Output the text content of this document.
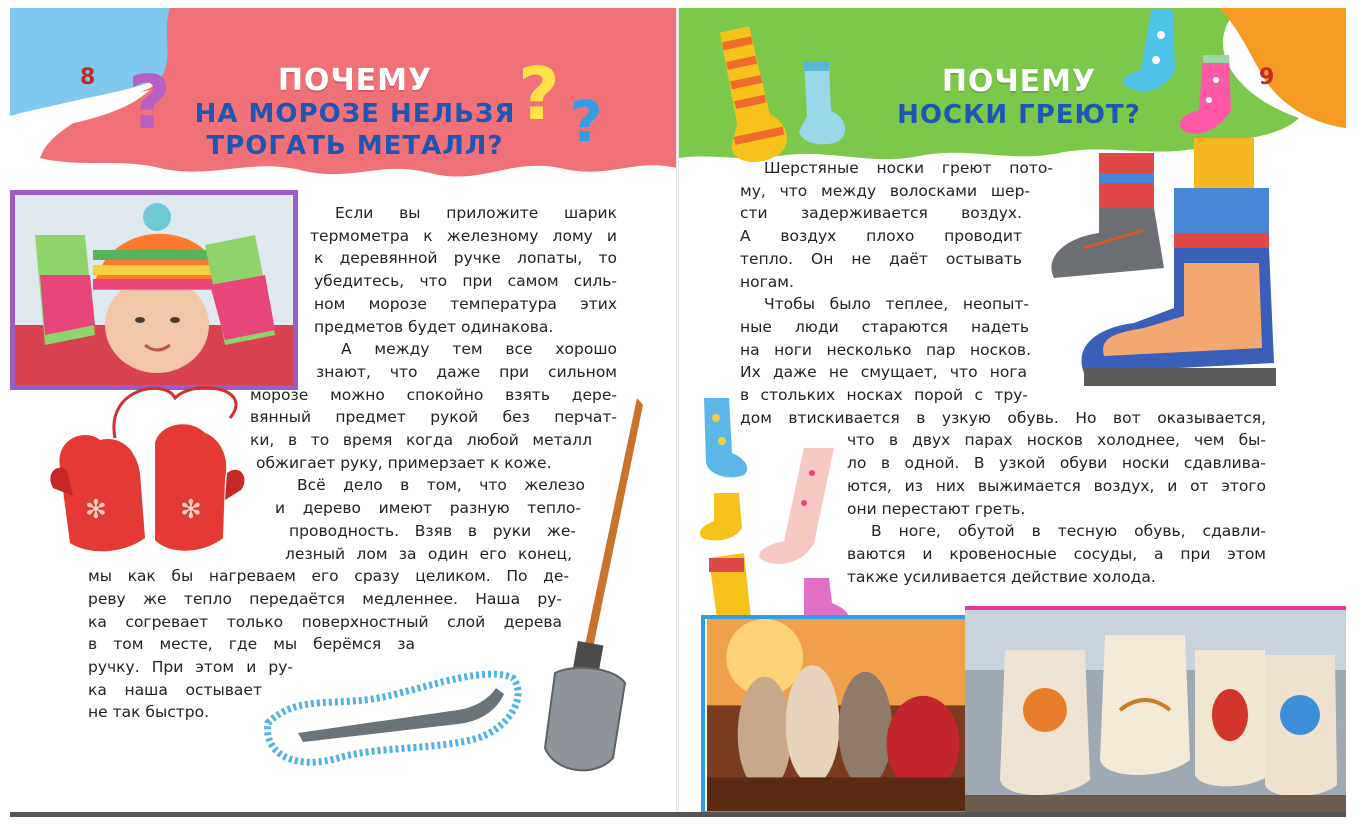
8 ?	? ?
ПОЧЕМУ
НА МОРОЗЕ НЕЛЬЗЯ
ТРОГАТЬ МЕТАЛЛ?
✻	✻
Если вы приложите шарик
термометра к железному лому и
к деревянной ручке лопаты, то
убедитесь, что при самом силь-
ном морозе температура этих
предметов будет одинакова.
А между тем все хорошо
знают, что даже при сильном
морозе можно спокойно взять дере-
вянный предмет рукой без перчат-
ки, в то время когда любой металл
обжигает руку, примерзает к коже.
Всё дело в том, что железо
и дерево имеют разную тепло-
проводность. Взяв в руки же-
лезный лом за один его конец,
мы как бы нагреваем его сразу целиком. По де-
реву же тепло передаётся медленнее. Наша ру-
ка согревает только поверхностный слой дерева
в том месте, где мы берёмся за
ручку. При этом и ру-
ка наша остывает
не так быстро.
9
ПОЧЕМУ
НОСКИ ГРЕЮТ?
Шерстяные носки греют пото-
му, что между волосками шер-
сти задерживается воздух.
А воздух плохо проводит
тепло. Он не даёт остывать
ногам.
Чтобы было теплее, неопыт-
ные люди стараются надеть
на ноги несколько пар носков.
Их даже не смущает, что нога
в стольких носках порой с тру-
дом втискивается в узкую обувь. Но вот оказывается,
что в двух парах носков холоднее, чем бы-
ло в одной. В узкой обуви носки сдавлива-
ются, из них выжимается воздух, и от этого
они перестают греть.
В ноге, обутой в тесную обувь, сдавли-
ваются и кровеносные сосуды, а при этом
также усиливается действие холода.
